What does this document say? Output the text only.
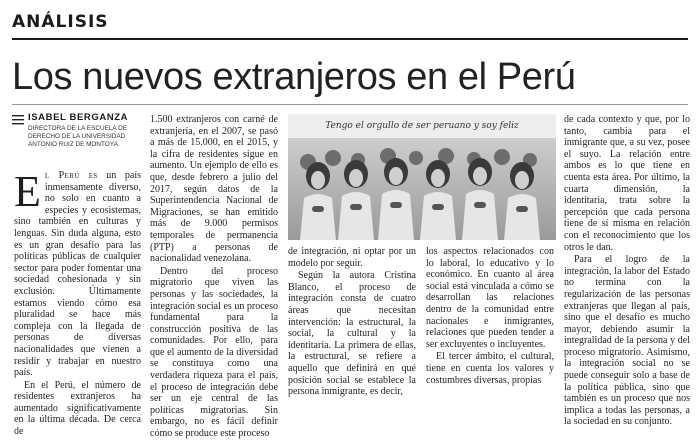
ANÁLISIS
Los nuevos extranjeros en el Perú
ISABEL BERGANZA
DIRECTORA DE LA ESCUELA DE DERECHO DE LA UNIVERSIDAD ANTONIO RUIZ DE MONTOYA.

El Perú es un país inmensamente diverso, no solo en cuanto a especies y ecosistemas, sino también en culturas y lenguas. Sin duda alguna, esto es un gran desafío para las políticas públicas de cualquier sector para poder fomentar una sociedad cohesionada y sin exclusión. Últimamente estamos viendo cómo esa pluralidad se hace más compleja con la llegada de personas de diversas nacionalidades que vienen a residir y trabajar en nuestro país.

En el Perú, el número de residentes extranjeros ha aumentado significativamente en la última década. De cerca de

1.500 extranjeros con carné de extranjería, en el 2007, se pasó a más de 15.000, en el 2015, y la cifra de residentes sigue en aumento. Un ejemplo de ello es que, desde febrero a julio del 2017, según datos de la Superintendencia Nacional de Migraciones, se han emitido más de 9.000 permisos temporales de permanencia (PTP) a personas de nacionalidad venezolana.

Dentro del proceso migratorio que viven las personas y las sociedades, la integración social es un proceso fundamental para la construcción positiva de las comunidades. Por ello, para que el aumento de la diversidad se constituya como una verdadera riqueza para el país, el proceso de integración debe ser un eje central de las políticas migratorias. Sin embargo, no es fácil definir cómo se produce este proceso

Tengo el orgullo de ser peruano y soy feliz

de integración, ni optar por un modelo por seguir.

Según la autora Cristina Blanco, el proceso de integración consta de cuatro áreas que necesitan intervención: la estructural, la social, la cultural y la identitaria. La primera de ellas, la estructural, se refiere a aquello que definirá en qué posición social se establece la persona inmigrante, es decir,

los aspectos relacionados con lo laboral, lo educativo y lo económico. En cuanto al área social está vinculada a cómo se desarrollan las relaciones dentro de la comunidad entre nacionales e inmigrantes, relaciones que pueden tender a ser excluyentes o incluyentes.

El tercer ámbito, el cultural, tiene en cuenta los valores y costumbres diversas, propias

de cada contexto y que, por lo tanto, cambia para el inmigrante que, a su vez, posee el suyo. La relación entre ambos es lo que tiene en cuenta esta área. Por último, la cuarta dimensión, la identitaria, trata sobre la percepción que cada persona tiene de sí misma en relación con el reconocimiento que los otros le dan.

Para el logro de la integración, la labor del Estado no termina con la regularización de las personas extranjeras que llegan al país, sino que el desafío es mucho mayor, debiendo asumir la integralidad de la persona y del proceso migratorio. Asimismo, la integración social no se puede conseguir solo a base de la política pública, sino que también es un proceso que nos implica a todas las personas, a la sociedad en su conjunto.
